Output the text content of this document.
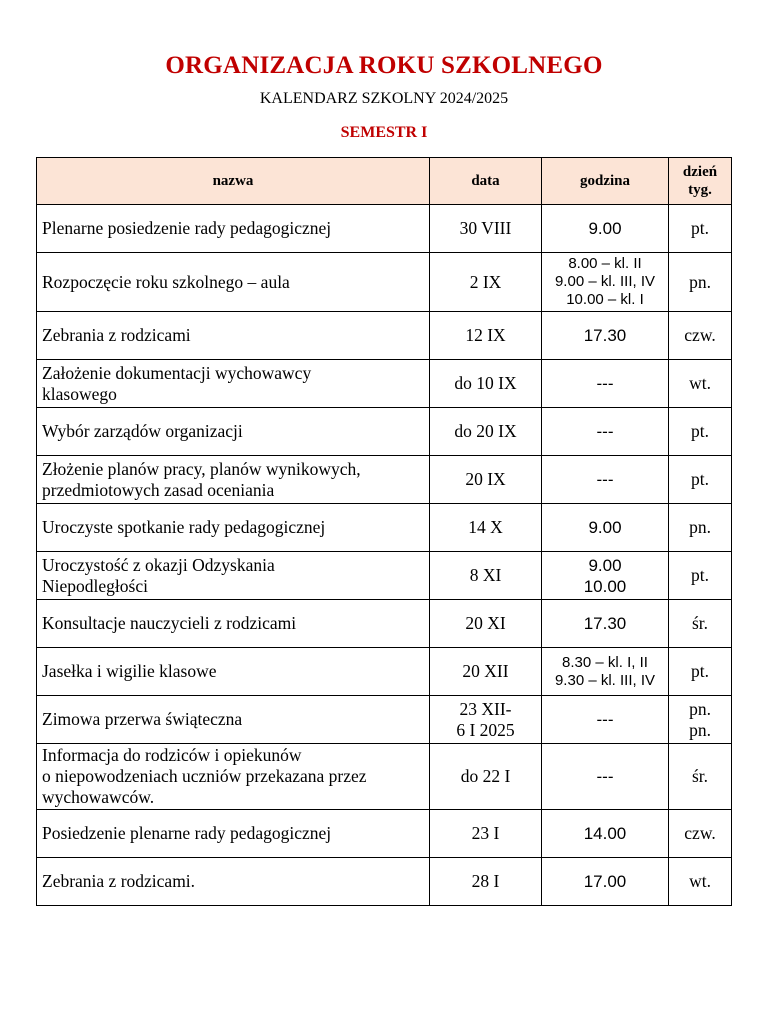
ORGANIZACJA ROKU SZKOLNEGO
KALENDARZ SZKOLNY 2024/2025
SEMESTR I
nazwa	data	godzina	dzień
tyg.

Plenarne posiedzenie rady pedagogicznej	30 VIII	9.00	pt.

Rozpoczęcie roku szkolnego – aula	2 IX	8.00 – kl. II
9.00 – kl. III, IV
10.00 – kl. I	pn.

Zebrania z rodzicami	12 IX	17.30	czw.

Założenie dokumentacji wychowawcy
klasowego	do 10 IX	---	wt.

Wybór zarządów organizacji	do 20 IX	---	pt.

Złożenie planów pracy, planów wynikowych,
przedmiotowych zasad oceniania	20 IX	---	pt.

Uroczyste spotkanie rady pedagogicznej	14 X	9.00	pn.

Uroczystość z okazji Odzyskania
Niepodległości	8 XI	9.00
10.00	pt.

Konsultacje nauczycieli z rodzicami	20 XI	17.30	śr.

Jasełka i wigilie klasowe	20 XII	8.30 – kl. I, II
9.30 – kl. III, IV	pt.

Zimowa przerwa świąteczna	23 XII-
6 I 2025	---	pn.
pn.

Informacja do rodziców i opiekunów
o niepowodzeniach uczniów przekazana przez
wychowawców.	do 22 I	---	śr.

Posiedzenie plenarne rady pedagogicznej	23 I	14.00	czw.

Zebrania z rodzicami.	28 I	17.00	wt.
